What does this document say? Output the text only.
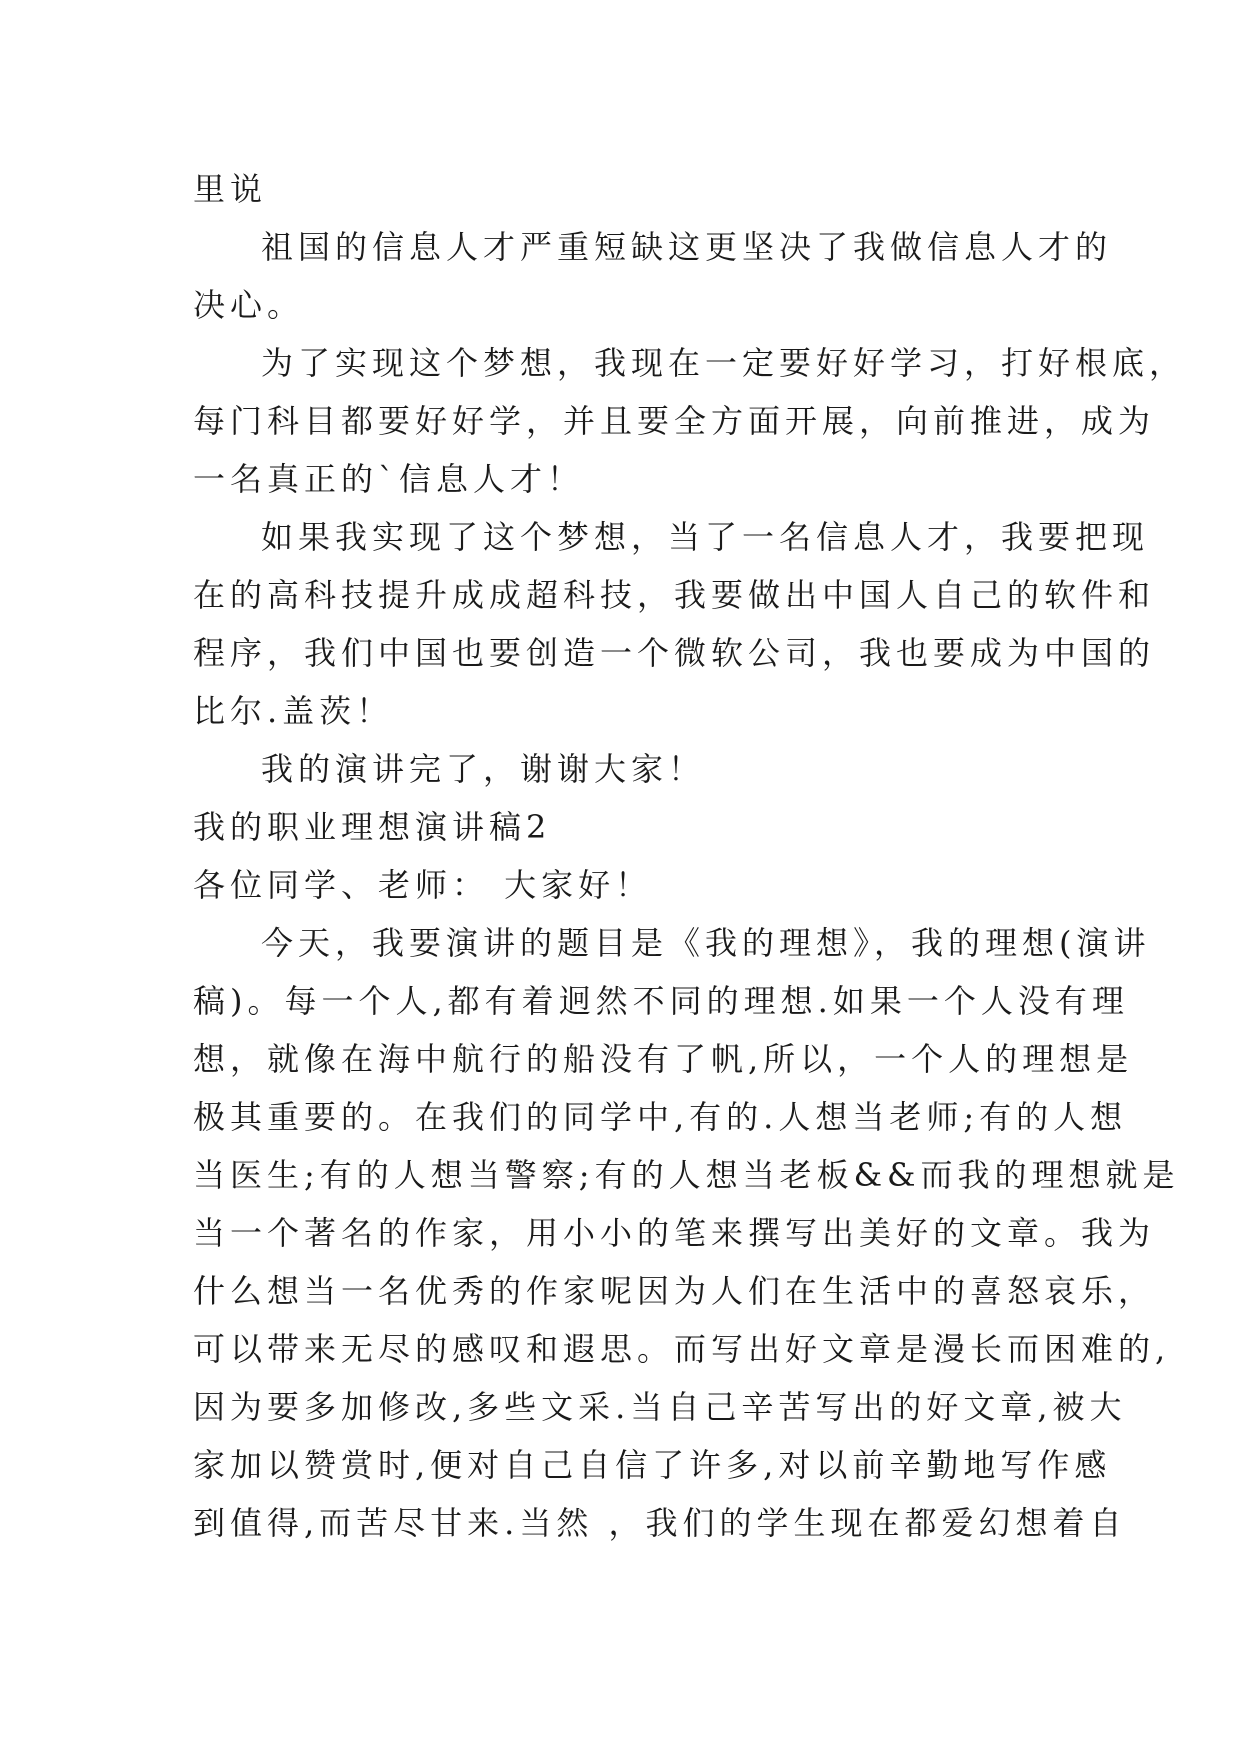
里说
祖国的信息人才严重短缺这更坚决了我做信息人才的
决心。
为了实现这个梦想，我现在一定要好好学习，打好根底，
每门科目都要好好学，并且要全方面开展，向前推进，成为
一名真正的`信息人才！
如果我实现了这个梦想，当了一名信息人才，我要把现
在的高科技提升成成超科技，我要做出中国人自己的软件和
程序，我们中国也要创造一个微软公司，我也要成为中国的
比尔.盖茨！
我的演讲完了，谢谢大家！
我的职业理想演讲稿2
各位同学、老师： 大家好！
今天，我要演讲的题目是《我的理想》，我的理想(演讲
稿)。每一个人,都有着迥然不同的理想.如果一个人没有理
想，就像在海中航行的船没有了帆,所以，一个人的理想是
极其重要的。在我们的同学中,有的.人想当老师;有的人想
当医生;有的人想当警察;有的人想当老板&&而我的理想就是
当一个著名的作家，用小小的笔来撰写出美好的文章。我为
什么想当一名优秀的作家呢因为人们在生活中的喜怒哀乐，
可以带来无尽的感叹和遐思。而写出好文章是漫长而困难的,
因为要多加修改,多些文采.当自己辛苦写出的好文章,被大
家加以赞赏时,便对自己自信了许多,对以前辛勤地写作感
到值得,而苦尽甘来.当然 ，我们的学生现在都爱幻想着自
